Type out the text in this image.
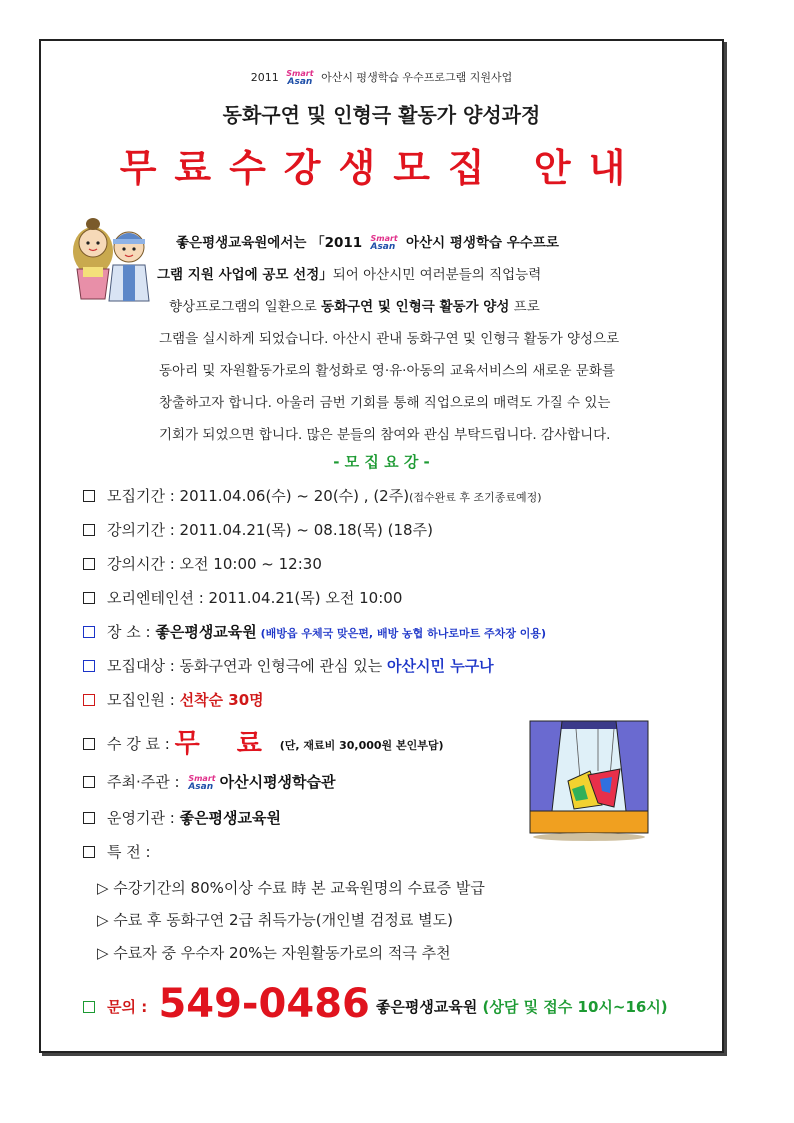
2011 Smart
Asan 아산시 평생학습 우수프로그램 지원사업
동화구연 및 인형극 활동가 양성과정
무료수강생모집 안내
좋은평생교육원에서는 「2011 Smart
Asan 아산시 평생학습 우수프로
그램 지원 사업에 공모 선정」되어 아산시민 여러분들의 직업능력
향상프로그램의 일환으로 동화구연 및 인형극 활동가 양성 프로
그램을 실시하게 되었습니다. 아산시 관내 동화구연 및 인형극 활동가 양성으로
동아리 및 자원활동가로의 활성화로 영·유·아동의 교육서비스의 새로운 문화를
창출하고자 합니다. 아울러 금번 기회를 통해 직업으로의 매력도 가질 수 있는
기회가 되었으면 합니다. 많은 분들의 참여와 관심 부탁드립니다. 감사합니다.
- 모 집 요 강 -
모집기간 : 2011.04.06(수) ~ 20(수) , (2주)(접수완료 후 조기종료예정)
강의기간 : 2011.04.21(목) ~ 08.18(목) (18주)
강의시간 : 오전 10:00 ~ 12:30
오리엔테인션 : 2011.04.21(목) 오전 10:00
장 소 : 좋은평생교육원 (배방읍 우체국 맞은편, 배방 농협 하나로마트 주차장 이용)
모집대상 : 동화구연과 인형극에 관심 있는 아산시민 누구나
모집인원 : 선착순 30명
수 강 료 : 무 료 (단, 재료비 30,000원 본인부담)
주최·주관 : Smart
Asan 아산시평생학습관
운영기관 : 좋은평생교육원
특 전 :
▷ 수강기간의 80%이상 수료 時 본 교육원명의 수료증 발급
▷ 수료 후 동화구연 2급 취득가능(개인별 검정료 별도)
▷ 수료자 중 우수자 20%는 자원활동가로의 적극 추천
문의 : 549-0486 좋은평생교육원 (상담 및 접수 10시~16시)
